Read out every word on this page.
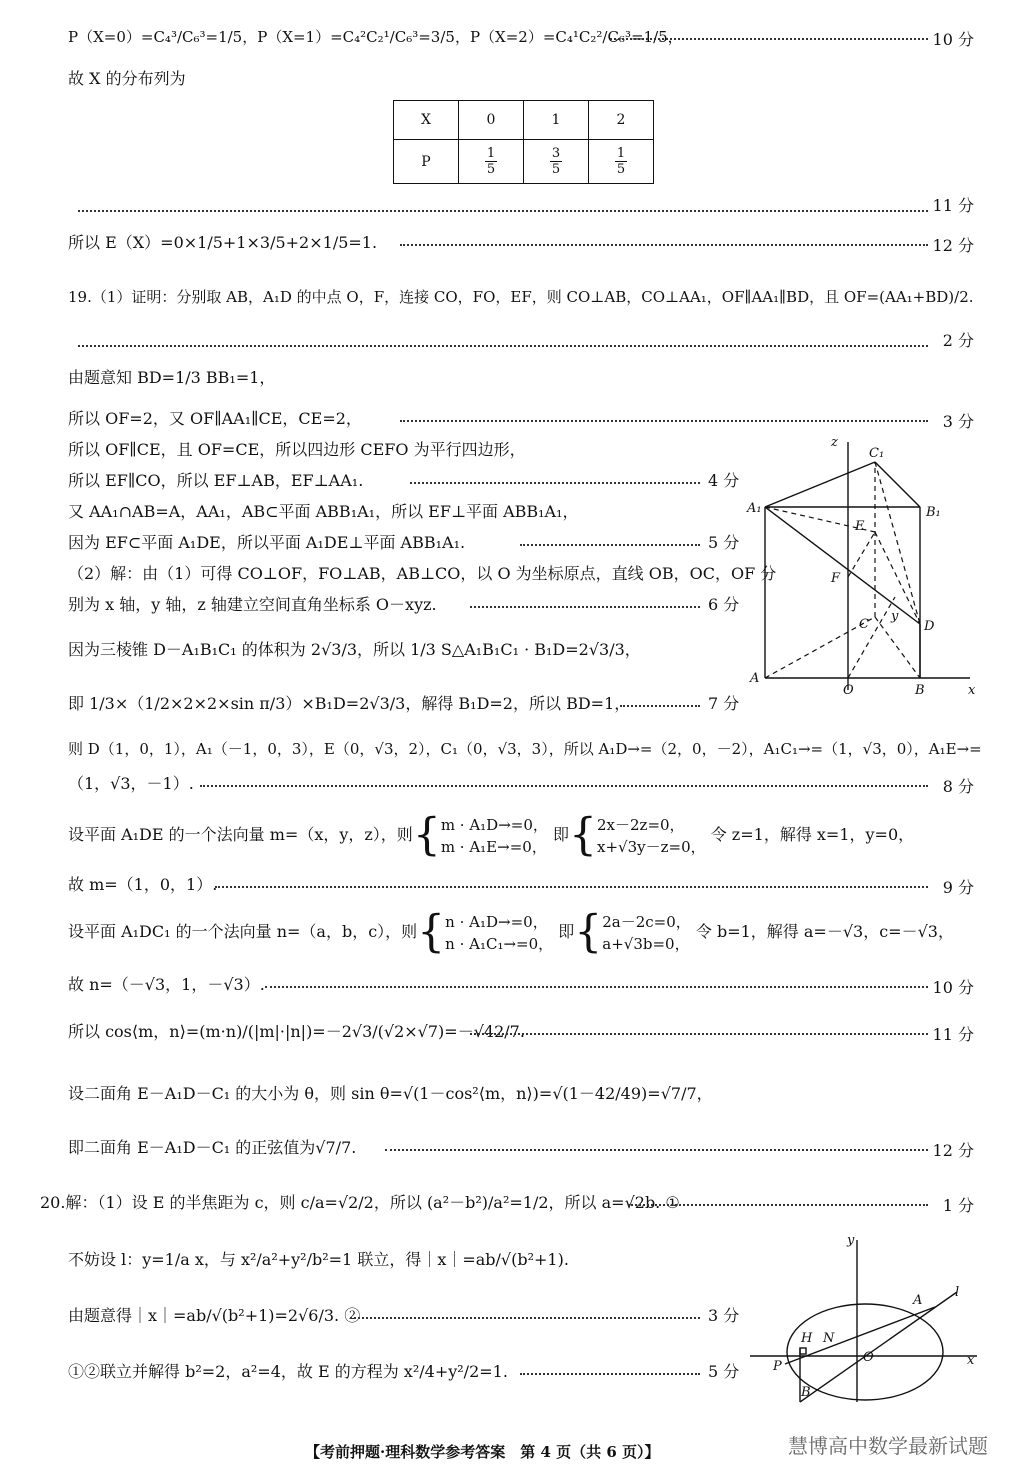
P（X=0）=C₄³/C₆³=1/5，P（X=1）=C₄²C₂¹/C₆³=3/5，P（X=2）=C₄¹C₂²/C₆³=1/5，	10 分
故 X 的分布列为
X	0	1	2
P	$\frac{1}{5}$	$\frac{3}{5}$	$\frac{1}{5}$
11 分
所以 E（X）=0×1/5+1×3/5+2×1/5=1.	12 分
19.（1）证明：分别取 AB，A₁D 的中点 O，F，连接 CO，FO，EF，则 CO⊥AB，CO⊥AA₁，OF∥AA₁∥BD，且 OF=(AA₁+BD)/2.
2 分
由题意知 BD=1/3 BB₁=1，
所以 OF=2，又 OF∥AA₁∥CE，CE=2，	3 分
所以 OF∥CE，且 OF=CE，所以四边形 CEFO 为平行四边形，
所以 EF∥CO，所以 EF⊥AB，EF⊥AA₁.	4 分
又 AA₁∩AB=A，AA₁，AB⊂平面 ABB₁A₁，所以 EF⊥平面 ABB₁A₁，
因为 EF⊂平面 A₁DE，所以平面 A₁DE⊥平面 ABB₁A₁.	5 分
（2）解：由（1）可得 CO⊥OF，FO⊥AB，AB⊥CO，以 O 为坐标原点，直线 OB，OC，OF 分
别为 x 轴，y 轴，z 轴建立空间直角坐标系 O－xyz.	6 分
因为三棱锥 D－A₁B₁C₁ 的体积为 2√3/3，所以 1/3 S△A₁B₁C₁ · B₁D=2√3/3，
即 1/3×（1/2×2×2×sin π/3）×B₁D=2√3/3，解得 B₁D=2，所以 BD=1，	7 分
z
C₁
A₁	B₁
E
F
C
y
D
A
O	B	x
则 D（1，0，1），A₁（－1，0，3），E（0，√3，2），C₁（0，√3，3），所以 A₁D→=（2，0，－2），A₁C₁→=（1，√3，0），A₁E→=
（1，√3，－1）.	8 分
设平面 A₁DE 的一个法向量 m=（x，y，z），则{ m · A₁D→=0，
m · A₁E→=0，
即{ 2x－2z=0，
x+√3y－z=0，
令 z=1，解得 x=1，y=0，
故 m=（1，0，1）.	9 分
设平面 A₁DC₁ 的一个法向量 n=（a，b，c），则{ n · A₁D→=0，
n · A₁C₁→=0，
即{ 2a－2c=0，
a+√3b=0，
令 b=1，解得 a=－√3，c=－√3，
故 n=（－√3，1，－√3）.	10 分
所以 cos⟨m，n⟩=(m·n)/(|m|·|n|)=－2√3/(√2×√7)=－√42/7.	11 分
设二面角 E－A₁D－C₁ 的大小为 θ，则 sin θ=√(1－cos²⟨m，n⟩)=√(1－42/49)=√7/7，
即二面角 E－A₁D－C₁ 的正弦值为√7/7.	12 分
20.解：（1）设 E 的半焦距为 c，则 c/a=√2/2，所以 (a²－b²)/a²=1/2，所以 a=√2b. ①	1 分
不妨设 l：y=1/a x，与 x²/a²+y²/b²=1 联立，得｜x｜=ab/√(b²+1).
由题意得｜x｜=ab/√(b²+1)=2√6/3. ②	3 分
①②联立并解得 b²=2，a²=4，故 E 的方程为 x²/4+y²/2=1.	5 分
y
l
A
H N
O	x
P
B
【考前押题·理科数学参考答案　第 4 页（共 6 页）】	慧博高中数学最新试题
